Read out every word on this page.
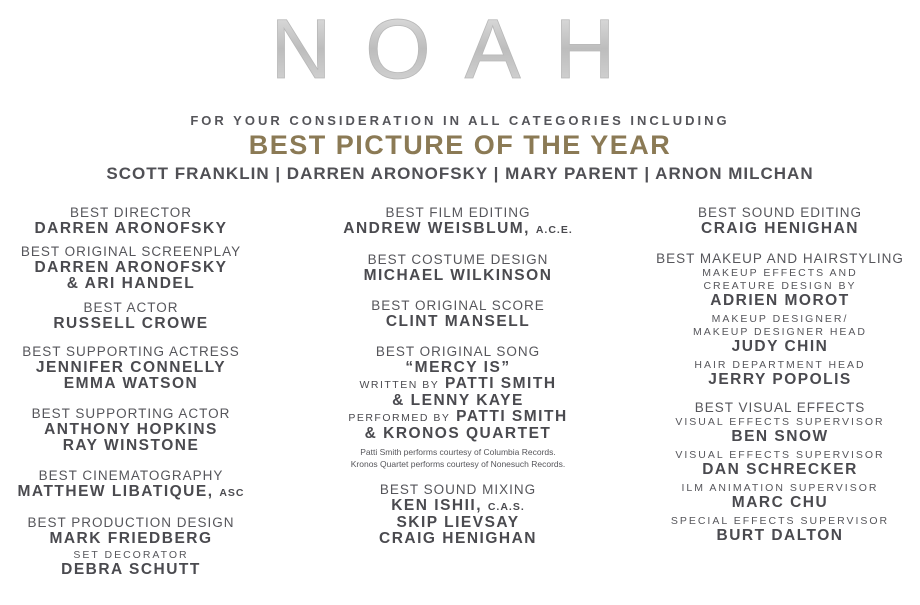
NOAH
FOR YOUR CONSIDERATION IN ALL CATEGORIES INCLUDING
BEST PICTURE OF THE YEAR
SCOTT FRANKLIN | DARREN ARONOFSKY | MARY PARENT | ARNON MILCHAN
BEST DIRECTOR
DARREN ARONOFSKY
BEST ORIGINAL SCREENPLAY
DARREN ARONOFSKY
& ARI HANDEL
BEST ACTOR
RUSSELL CROWE
BEST SUPPORTING ACTRESS
JENNIFER CONNELLY
EMMA WATSON
BEST SUPPORTING ACTOR
ANTHONY HOPKINS
RAY WINSTONE
BEST CINEMATOGRAPHY
MATTHEW LIBATIQUE, ASC
BEST PRODUCTION DESIGN
MARK FRIEDBERG
SET DECORATOR
DEBRA SCHUTT
BEST FILM EDITING
ANDREW WEISBLUM, A.C.E.
BEST COSTUME DESIGN
MICHAEL WILKINSON
BEST ORIGINAL SCORE
CLINT MANSELL
BEST ORIGINAL SONG
“MERCY IS”
WRITTEN BY PATTI SMITH
& LENNY KAYE
PERFORMED BY PATTI SMITH
& KRONOS QUARTET
Patti Smith performs courtesy of Columbia Records.
Kronos Quartet performs courtesy of Nonesuch Records.
BEST SOUND MIXING
KEN ISHII, C.A.S.
SKIP LIEVSAY
CRAIG HENIGHAN
BEST SOUND EDITING
CRAIG HENIGHAN
BEST MAKEUP AND HAIRSTYLING
MAKEUP EFFECTS AND
CREATURE DESIGN BY
ADRIEN MOROT
MAKEUP DESIGNER/
MAKEUP DESIGNER HEAD
JUDY CHIN
HAIR DEPARTMENT HEAD
JERRY POPOLIS
BEST VISUAL EFFECTS
VISUAL EFFECTS SUPERVISOR
BEN SNOW
VISUAL EFFECTS SUPERVISOR
DAN SCHRECKER
ILM ANIMATION SUPERVISOR
MARC CHU
SPECIAL EFFECTS SUPERVISOR
BURT DALTON
